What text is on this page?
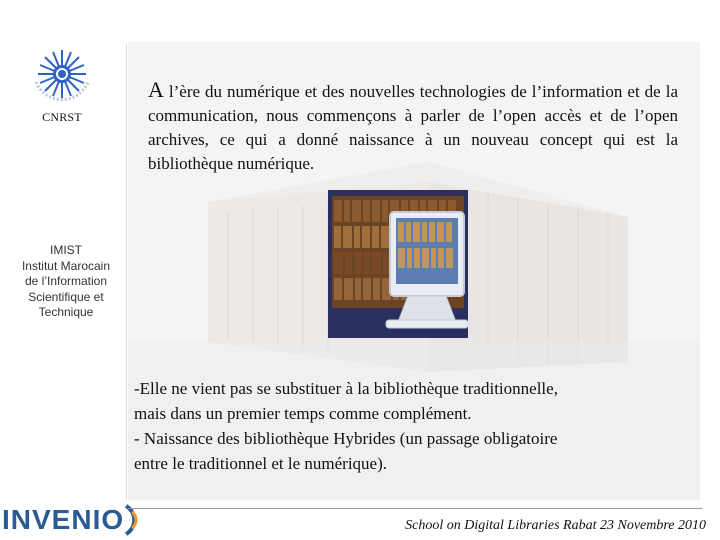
CNRST
IMIST
Institut Marocain
de l’Information
Scientifique et
Technique

A l’ère du numérique et des nouvelles technologies de l’information et de la communication, nous commençons à parler de l’open accès et de l’open archives, ce qui a donné naissance à un nouveau concept qui est la bibliothèque numérique.

-Elle ne vient pas se substituer à la bibliothèque traditionnelle,
mais dans un premier temps comme complément.
- Naissance des bibliothèque Hybrides (un passage obligatoire
entre le traditionnel et le numérique).

INVENIO	School on Digital Libraries Rabat 23 Novembre 2010
